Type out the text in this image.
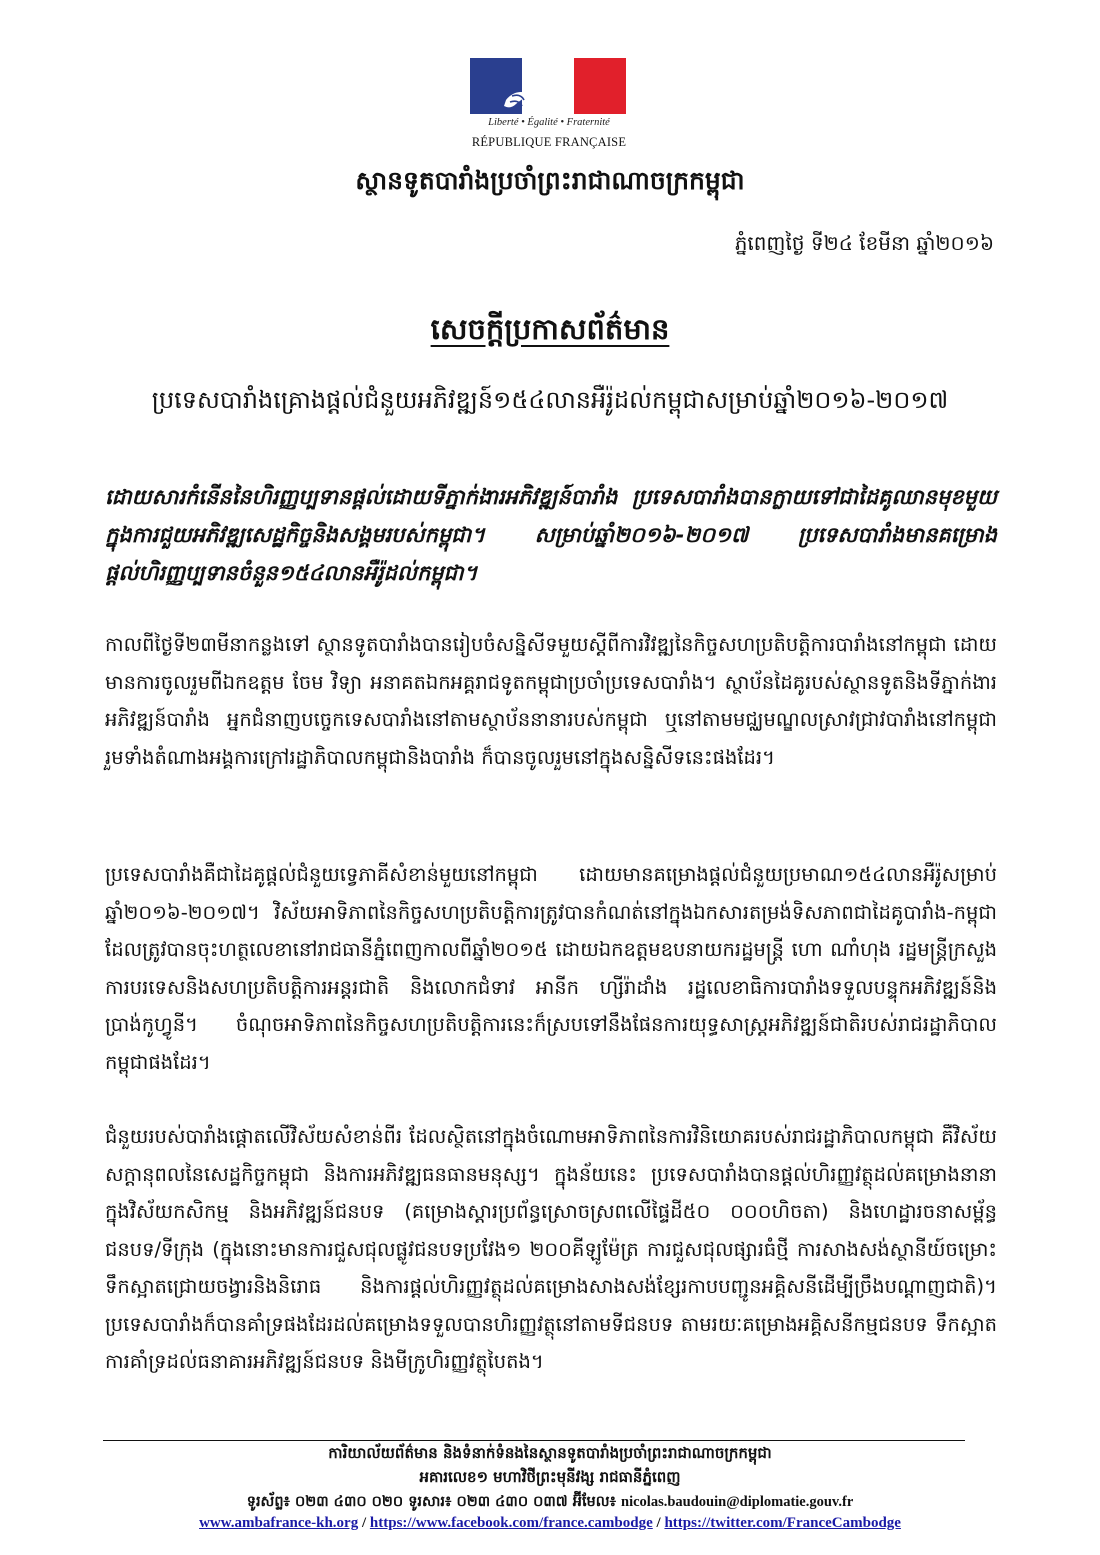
Liberté • Égalité • Fraternité
RÉPUBLIQUE FRANÇAISE
ស្ថានទូតបារាំងប្រចាំព្រះរាជាណាចក្រកម្ពុជា
ភ្នំពេញថ្ងៃ ទី២៤ ខែមីនា ឆ្នាំ២០១៦
សេចក្តីប្រកាសព័ត៌មាន
ប្រទេសបារាំងគ្រោងផ្តល់ជំនួយអភិវឌ្ឍន៍១៥៤លានអឺរ៉ូដល់កម្ពុជាសម្រាប់ឆ្នាំ២០១៦-២០១៧
ដោយសារកំនើននៃហិរញ្ញប្បទានផ្តល់ដោយទីភ្នាក់ងារអភិវឌ្ឍន៍បារាំង ប្រទេសបារាំងបានក្លាយទៅជាដៃគូឈានមុខមួយក្នុងការជួយអភិវឌ្ឍសេដ្ឋកិច្ចនិងសង្គមរបស់កម្ពុជា។ សម្រាប់ឆ្នាំ២០១៦-២០១៧ ប្រទេសបារាំងមានគម្រោងផ្តល់ហិរញ្ញប្បទានចំនួន១៥៤លានអឺរ៉ូដល់កម្ពុជា។
កាលពីថ្ងៃទី២៣មីនាកន្លងទៅ ស្ថានទូតបារាំងបានរៀបចំសន្និសីទមួយស្តីពីការវិវឌ្ឍនៃកិច្ចសហប្រតិបត្តិការបារាំងនៅកម្ពុជា ដោយមានការចូលរួមពីឯកឧត្តម ចែម វិទ្យា អនាគតឯកអគ្គរាជទូតកម្ពុជាប្រចាំប្រទេសបារាំង។ ស្ថាប័នដៃគូរបស់ស្ថានទូតនិងទីភ្នាក់ងារអភិវឌ្ឍន៍បារាំង អ្នកជំនាញបច្ចេកទេសបារាំងនៅតាមស្ថាប័ននានារបស់កម្ពុជា ឬនៅតាមមជ្ឈមណ្ឌលស្រាវជ្រាវបារាំងនៅកម្ពុជា រួមទាំងតំណាងអង្គការក្រៅរដ្ឋាភិបាលកម្ពុជានិងបារាំង ក៏បានចូលរួមនៅក្នុងសន្និសីទនេះផងដែរ។
ប្រទេសបារាំងគឺជាដៃគូផ្តល់ជំនួយទ្វេភាគីសំខាន់មួយនៅកម្ពុជា ដោយមានគម្រោងផ្តល់ជំនួយប្រមាណ១៥៤លានអឺរ៉ូសម្រាប់ឆ្នាំ២០១៦-២០១៧។ វិស័យអាទិភាពនៃកិច្ចសហប្រតិបត្តិការត្រូវបានកំណត់នៅក្នុងឯកសារតម្រង់ទិសភាពជាដៃគូបារាំង-កម្ពុជា ដែលត្រូវបានចុះហត្ថលេខានៅរាជធានីភ្នំពេញកាលពីឆ្នាំ២០១៥ ដោយឯកឧត្តមឧបនាយករដ្ឋមន្ត្រី ហោ ណាំហុង រដ្ឋមន្ត្រីក្រសួងការបរទេសនិងសហប្រតិបត្តិការអន្តរជាតិ និងលោកជំទាវ អានីក ហ្សីរ៉ាដាំង រដ្ឋលេខាធិការបារាំងទទួលបន្ទុកអភិវឌ្ឍន៍និងប្រាង់កូហ្វូនី។ ចំណុចអាទិភាពនៃកិច្ចសហប្រតិបត្តិការនេះក៏ស្របទៅនឹងផែនការយុទ្ធសាស្ត្រអភិវឌ្ឍន៍ជាតិរបស់រាជរដ្ឋាភិបាលកម្ពុជាផងដែរ។
ជំនួយរបស់បារាំងផ្តោតលើវិស័យសំខាន់ពីរ ដែលស្ថិតនៅក្នុងចំណោមអាទិភាពនៃការវិនិយោគរបស់រាជរដ្ឋាភិបាលកម្ពុជា គឺវិស័យសក្តានុពលនៃសេដ្ឋកិច្ចកម្ពុជា និងការអភិវឌ្ឍធនធានមនុស្ស។ ក្នុងន័យនេះ ប្រទេសបារាំងបានផ្តល់ហិរញ្ញវត្ថុដល់គម្រោងនានាក្នុងវិស័យកសិកម្ម និងអភិវឌ្ឍន៍ជនបទ (គម្រោងស្តារប្រព័ន្ធស្រោចស្រពលើផ្ទៃដី៥០ ០០០ហិចតា) និងហេដ្ឋារចនាសម្ព័ន្ធជនបទ/ទីក្រុង (ក្នុងនោះមានការជួសជុលផ្លូវជនបទប្រវែង១ ២០០គីឡូម៉ែត្រ ការជួសជុលផ្សារធំថ្មី ការសាងសង់ស្ថានីយ៍ចម្រោះទឹកស្អាតជ្រោយចង្វារនិងនិរោធ និងការផ្តល់ហិរញ្ញវត្ថុដល់គម្រោងសាងសង់ខ្សែរកាបបញ្ជូនអគ្គិសនីដើម្បីច្រឹងបណ្តាញជាតិ)។ ប្រទេសបារាំងក៏បានគាំទ្រផងដែរដល់គម្រោងទទួលបានហិរញ្ញវត្ថុនៅតាមទីជនបទ តាមរយៈគម្រោងអគ្គិសនីកម្មជនបទ ទឹកស្អាត ការគាំទ្រដល់ធនាគារអភិវឌ្ឍន៍ជនបទ និងមីក្រូហិរញ្ញវត្ថុបៃតង។
ការិយាល័យព័ត៌មាន និងទំនាក់ទំនងនៃស្ថានទូតបារាំងប្រចាំព្រះរាជាណាចក្រកម្ពុជា
អគារលេខ១ មហាវិថីព្រះមុនីវង្ស រាជធានីភ្នំពេញ
ទូរស័ព្ទ៖ ០២៣ ៤៣០ ០២០ ទូរសារ៖ ០២៣ ៤៣០ ០៣៧ អ៊ីមែល៖ nicolas.baudouin@diplomatie.gouv.fr
www.ambafrance-kh.org / https://www.facebook.com/france.cambodge / https://twitter.com/FranceCambodge
